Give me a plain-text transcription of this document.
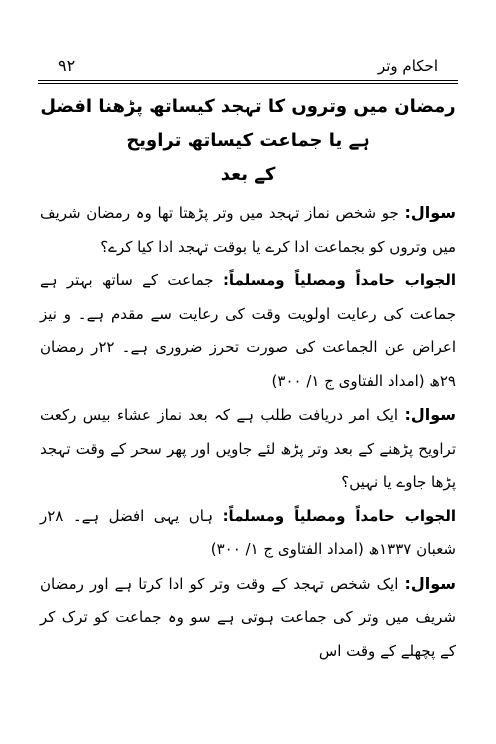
۹۲	احکام وتر
رمضان میں وتروں کا تہجد کیساتھ پڑھنا افضل ہے یا جماعت کیساتھ تراویح
کے بعد

سوال: جو شخص نماز تہجد میں وتر پڑھتا تھا وہ رمضان شریف میں وتروں کو بجماعت ادا کرے یا بوقت تہجد ادا کیا کرے؟

الجواب حامداً ومصلیاً ومسلماً: جماعت کے ساتھ بہتر ہے جماعت کی رعایت اولویت وقت کی رعایت سے مقدم ہے۔ و نیز اعراض عن الجماعت کی صورت تحرز ضروری ہے۔ ۲۲ر رمضان ۲۹ھ (امداد الفتاوی ج ۱/ ۳۰۰)

سوال: ایک امر دریافت طلب ہے کہ بعد نماز عشاء بیس رکعت تراویح پڑھنے کے بعد وتر پڑھ لئے جاویں اور پھر سحر کے وقت تہجد پڑھا جاوے یا نہیں؟

الجواب حامداً ومصلیاً ومسلماً: ہاں یہی افضل ہے۔ ۲۸ر شعبان ۱۳۳۷ھ (امداد الفتاوی ج ۱/ ۳۰۰)

سوال: ایک شخص تہجد کے وقت وتر کو ادا کرتا ہے اور رمضان شریف میں وتر کی جماعت ہوتی ہے سو وہ جماعت کو ترک کر کے پچھلے کے وقت اس
